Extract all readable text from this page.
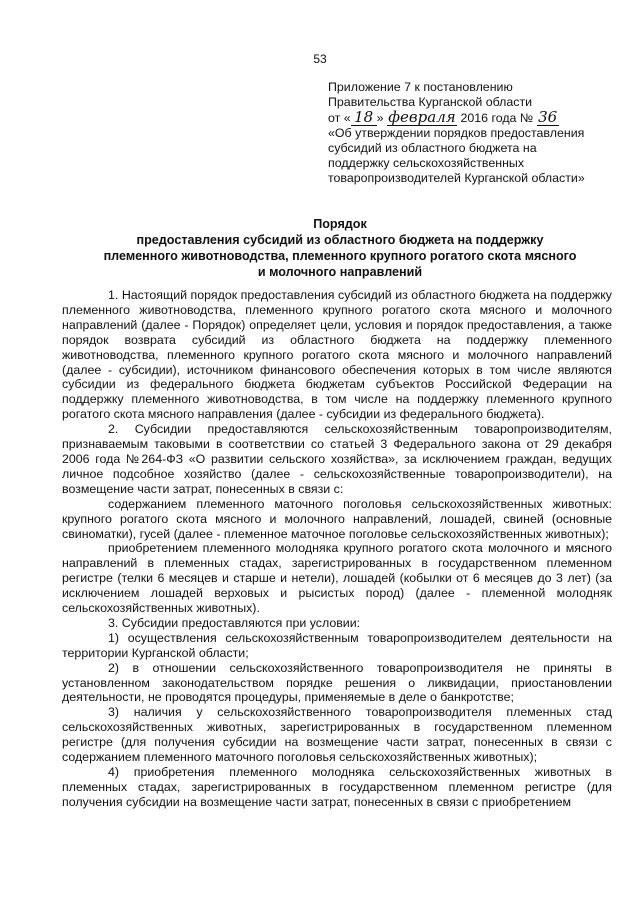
53
Приложение 7 к постановлению
Правительства Курганской области
от « 18 » февраля 2016 года № 36
«Об утверждении порядков предоставления
субсидий из областного бюджета на
поддержку сельскохозяйственных
товаропроизводителей Курганской области»
Порядок
предоставления субсидий из областного бюджета на поддержку
племенного животноводства, племенного крупного рогатого скота мясного
и молочного направлений

1. Настоящий порядок предоставления субсидий из областного бюджета на поддержку племенного животноводства, племенного крупного рогатого скота мясного и молочного направлений (далее - Порядок) определяет цели, условия и порядок предоставления, а также порядок возврата субсидий из областного бюджета на поддержку племенного животноводства, племенного крупного рогатого скота мясного и молочного направлений (далее - субсидии), источником финансового обеспечения которых в том числе являются субсидии из федерального бюджета бюджетам субъектов Российской Федерации на поддержку племенного животноводства, в том числе на поддержку племенного крупного рогатого скота мясного направления (далее - субсидии из федерального бюджета).

2. Субсидии предоставляются сельскохозяйственным товаропроизводителям, признаваемым таковыми в соответствии со статьей 3 Федерального закона от 29 декабря 2006 года №264-ФЗ «О развитии сельского хозяйства», за исключением граждан, ведущих личное подсобное хозяйство (далее - сельскохозяйственные товаропроизводители), на возмещение части затрат, понесенных в связи с:

содержанием племенного маточного поголовья сельскохозяйственных животных: крупного рогатого скота мясного и молочного направлений, лошадей, свиней (основные свиноматки), гусей (далее - племенное маточное поголовье сельскохозяйственных животных);

приобретением племенного молодняка крупного рогатого скота молочного и мясного направлений в племенных стадах, зарегистрированных в государственном племенном регистре (телки 6 месяцев и старше и нетели), лошадей (кобылки от 6 месяцев до 3 лет) (за исключением лошадей верховых и рысистых пород) (далее - племенной молодняк сельскохозяйственных животных).

3. Субсидии предоставляются при условии:

1) осуществления сельскохозяйственным товаропроизводителем деятельности на территории Курганской области;

2) в отношении сельскохозяйственного товаропроизводителя не приняты в установленном законодательством порядке решения о ликвидации, приостановлении деятельности, не проводятся процедуры, применяемые в деле о банкротстве;

3) наличия у сельскохозяйственного товаропроизводителя племенных стад сельскохозяйственных животных, зарегистрированных в государственном племенном регистре (для получения субсидии на возмещение части затрат, понесенных в связи с содержанием племенного маточного поголовья сельскохозяйственных животных);

4) приобретения племенного молодняка сельскохозяйственных животных в племенных стадах, зарегистрированных в государственном племенном регистре (для получения субсидии на возмещение части затрат, понесенных в связи с приобретением
